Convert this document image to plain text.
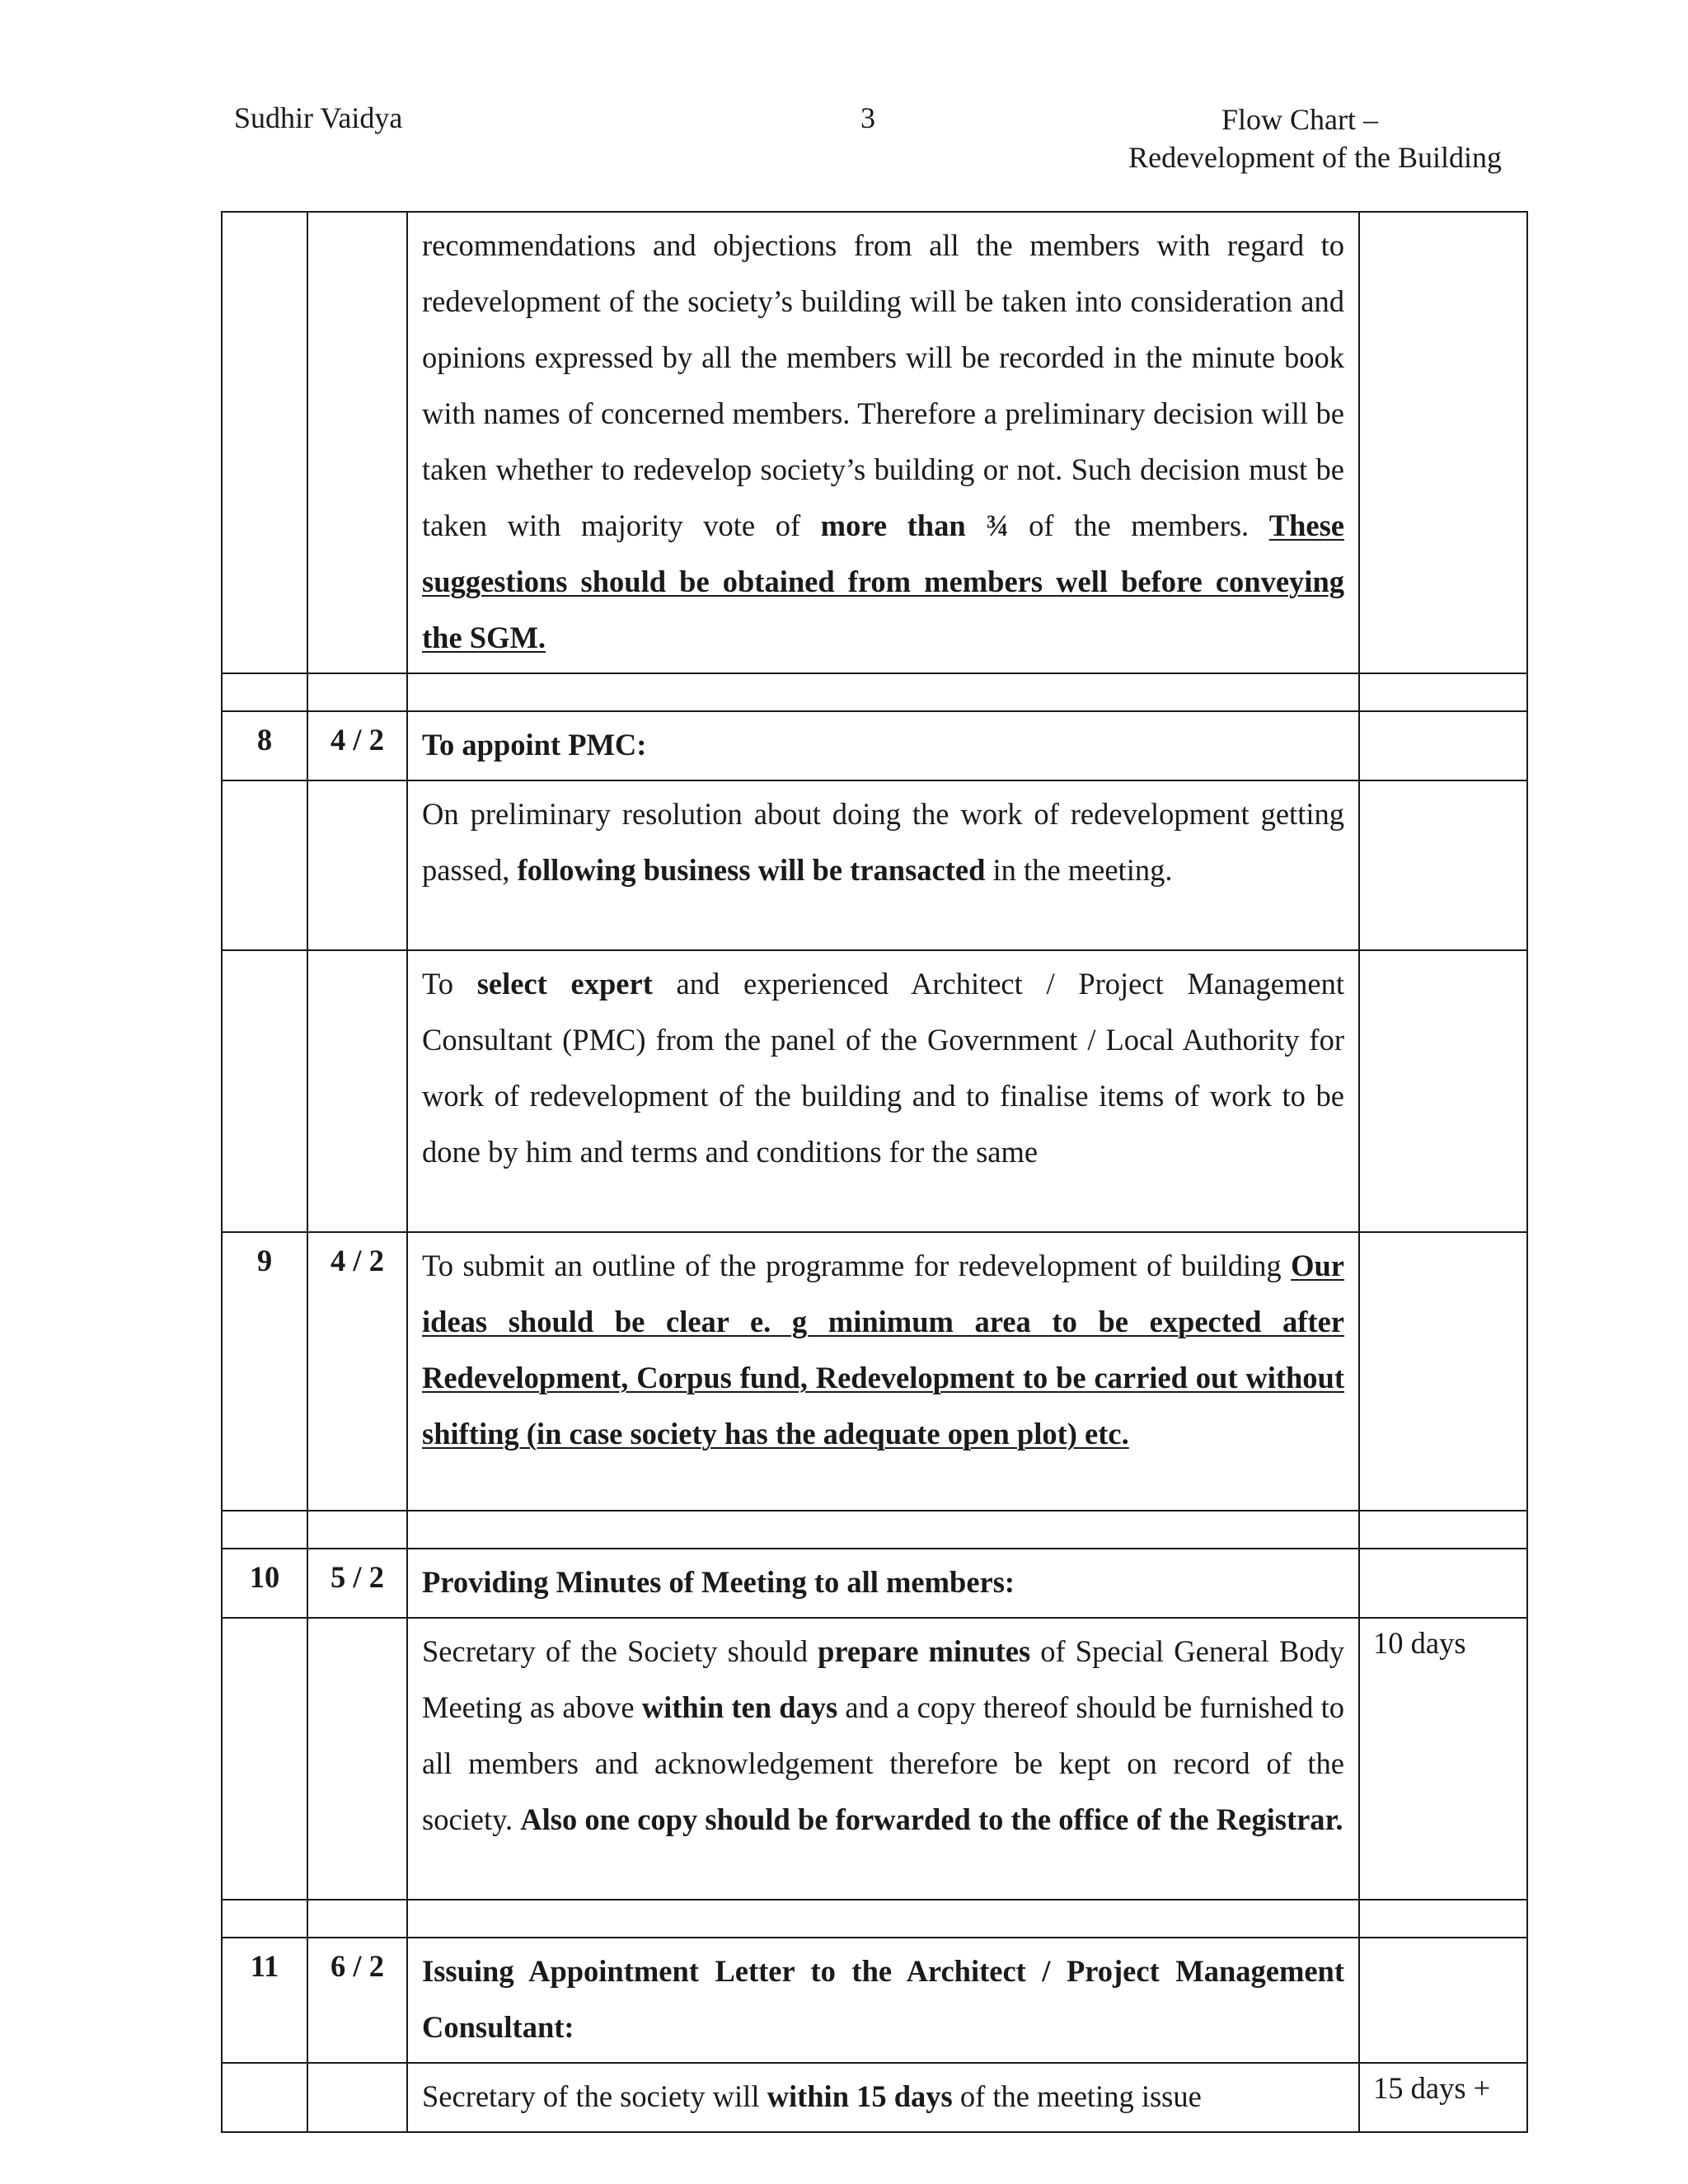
Sudhir Vaidya	3	Flow Chart –
Redevelopment of the Building

		recommendations and objections from all the members with regard to redevelopment of the society’s building will be taken into consideration and opinions expressed by all the members will be recorded in the minute book with names of concerned members. Therefore a preliminary decision will be taken whether to redevelop society’s building or not. Such decision must be taken with majority vote of more than ¾ of the members. These suggestions should be obtained from members well before conveying the SGM.	

8	4 / 2	To appoint PMC:	

		On preliminary resolution about doing the work of redevelopment getting passed, following business will be transacted in the meeting.	

		To select expert and experienced Architect / Project Management Consultant (PMC) from the panel of the Government / Local Authority for work of redevelopment of the building and to finalise items of work to be done by him and terms and conditions for the same	

9	4 / 2	To submit an outline of the programme for redevelopment of building Our ideas should be clear e. g minimum area to be expected after Redevelopment, Corpus fund, Redevelopment to be carried out without shifting (in case society has the adequate open plot) etc.	

10	5 / 2	Providing Minutes of Meeting to all members:	

		Secretary of the Society should prepare minutes of Special General Body Meeting as above within ten days and a copy thereof should be furnished to all members and acknowledgement therefore be kept on record of the society. Also one copy should be forwarded to the office of the Registrar.	10 days

11	6 / 2	Issuing Appointment Letter to the Architect / Project Management Consultant:	

		Secretary of the society will within 15 days of the meeting issue	15 days +
